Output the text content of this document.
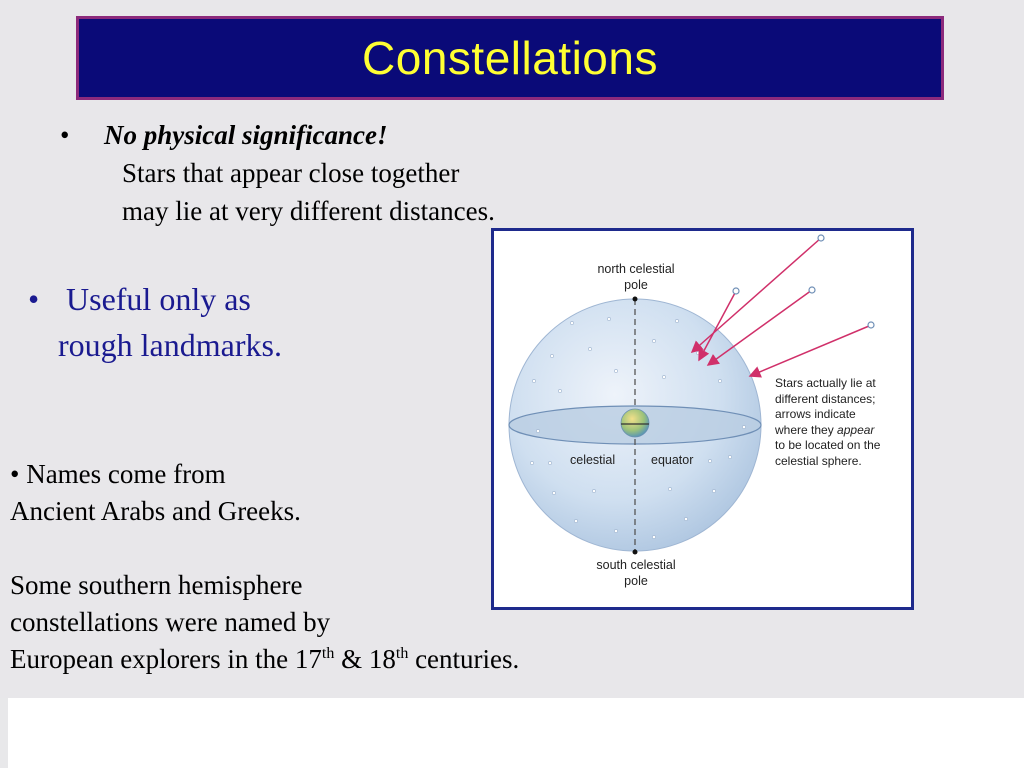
Constellations
• No physical significance!
Stars that appear close together
may lie at very different distances.
• Useful only as
rough landmarks.
• Names come from
Ancient Arabs and Greeks.
Some southern hemisphere
constellations were named by
European explorers in the 17th & 18th centuries.
north celestial
pole
south celestial
pole
celestial	equator
Stars actually lie at
different distances;
arrows indicate
where they appear
to be located on the
celestial sphere.
